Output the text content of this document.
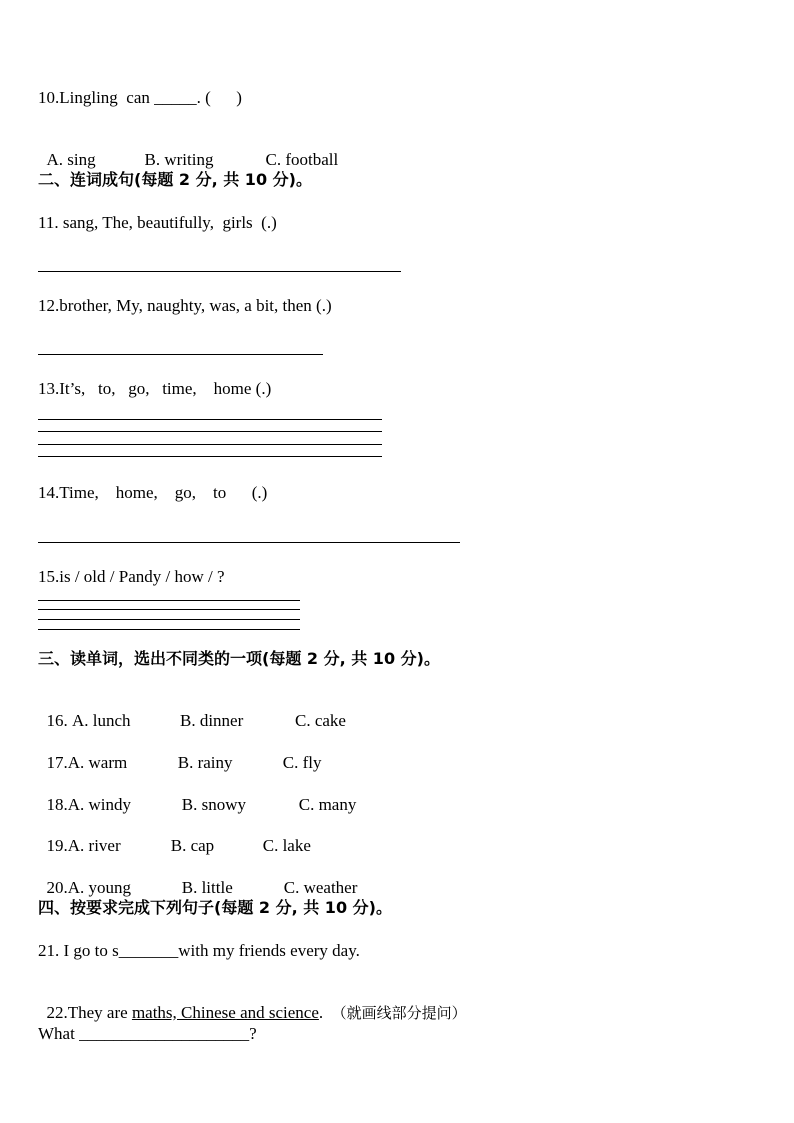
10.Lingling  can _____. (      )

A. sing	B. writing	C. football

二、连词成句(每题 2 分, 共 10 分)。
11. sang, The, beautifully,  girls  (.)
12.brother, My, naughty, was, a bit, then (.)
13.It’s,   to,   go,   time,    home (.)
14.Time,    home,    go,    to      (.)
15.is / old / Pandy / how / ?
三、读单词，选出不同类的一项(每题 2 分, 共 10 分)。

16. A. lunch	B. dinner	C. cake

17.A. warm	B. rainy	C. fly

18.A. windy	B. snowy	C. many

19.A. river	B. cap	C. lake

20.A. young	B. little	C. weather

四、按要求完成下列句子(每题 2 分, 共 10 分)。
21. I go to s_______with my friends every day.

22.They are maths, Chinese and science.  （就画线部分提问）

What ____________________?
